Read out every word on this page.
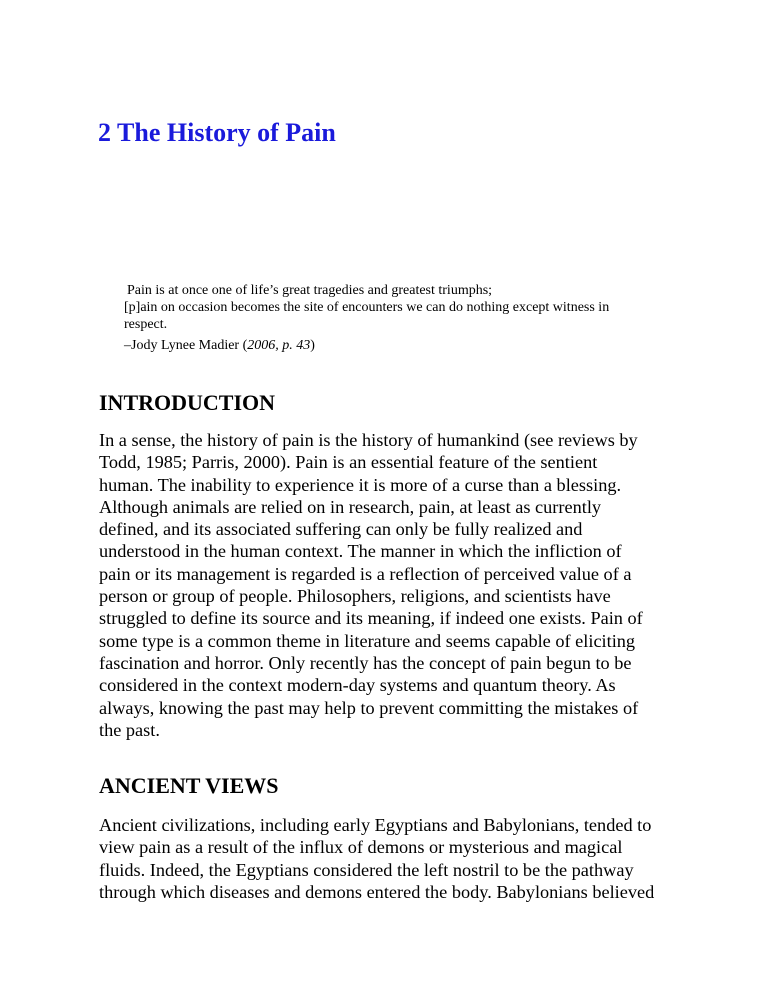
2 The History of Pain
Pain is at once one of life’s great tragedies and greatest triumphs;
[p]ain on occasion becomes the site of encounters we can do nothing except witness in
respect.
–Jody Lynee Madier (2006, p. 43)
INTRODUCTION

In a sense, the history of pain is the history of humankind (see reviews by
Todd, 1985; Parris, 2000). Pain is an essential feature of the sentient
human. The inability to experience it is more of a curse than a blessing.
Although animals are relied on in research, pain, at least as currently
defined, and its associated suffering can only be fully realized and
understood in the human context. The manner in which the infliction of
pain or its management is regarded is a reflection of perceived value of a
person or group of people. Philosophers, religions, and scientists have
struggled to define its source and its meaning, if indeed one exists. Pain of
some type is a common theme in literature and seems capable of eliciting
fascination and horror. Only recently has the concept of pain begun to be
considered in the context modern-day systems and quantum theory. As
always, knowing the past may help to prevent committing the mistakes of
the past.

ANCIENT VIEWS

Ancient civilizations, including early Egyptians and Babylonians, tended to
view pain as a result of the influx of demons or mysterious and magical
fluids. Indeed, the Egyptians considered the left nostril to be the pathway
through which diseases and demons entered the body. Babylonians believed
